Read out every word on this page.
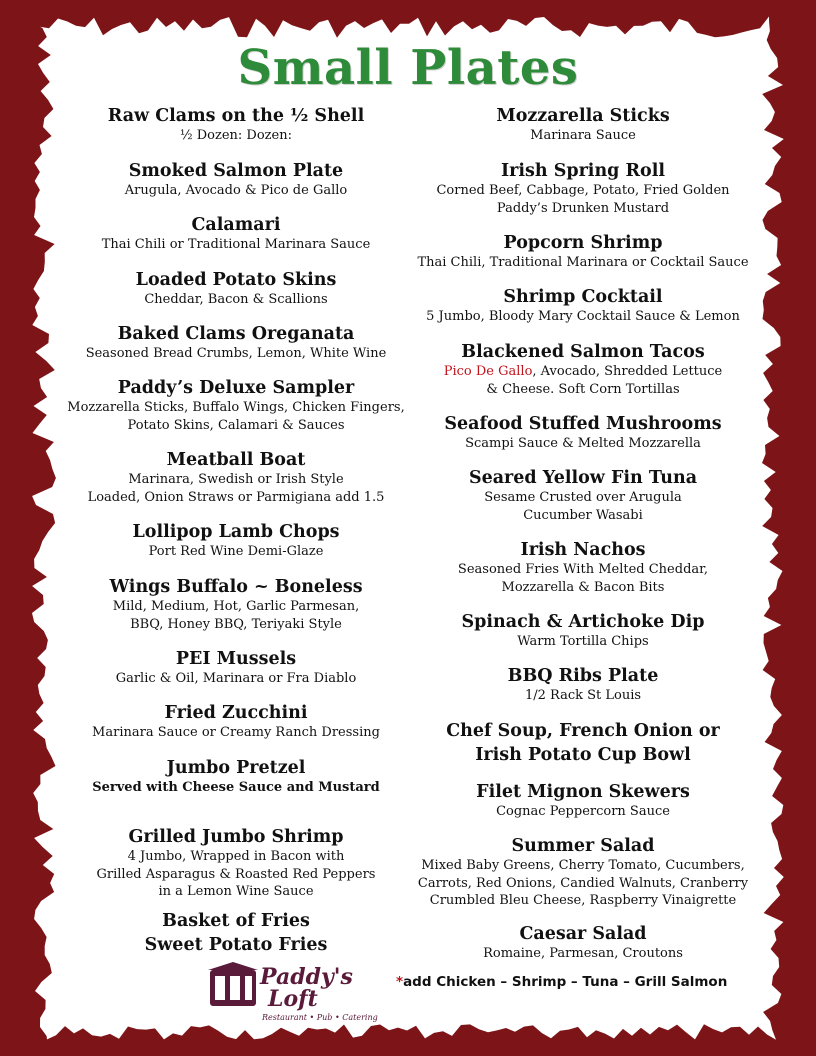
Small Plates
Raw Clams on the ½ Shell
½ Dozen: Dozen:
Smoked Salmon Plate
Arugula, Avocado & Pico de Gallo
Calamari
Thai Chili or Traditional Marinara Sauce
Loaded Potato Skins
Cheddar, Bacon & Scallions
Baked Clams Oreganata
Seasoned Bread Crumbs, Lemon, White Wine
Paddy’s Deluxe Sampler
Mozzarella Sticks, Buffalo Wings, Chicken Fingers,
Potato Skins, Calamari & Sauces
Meatball Boat
Marinara, Swedish or Irish Style
Loaded, Onion Straws or Parmigiana add 1.5
Lollipop Lamb Chops
Port Red Wine Demi-Glaze
Wings Buffalo ~ Boneless
Mild, Medium, Hot, Garlic Parmesan,
BBQ, Honey BBQ, Teriyaki Style
PEI Mussels
Garlic & Oil, Marinara or Fra Diablo
Fried Zucchini
Marinara Sauce or Creamy Ranch Dressing
Jumbo Pretzel
Served with Cheese Sauce and Mustard
Grilled Jumbo Shrimp
4 Jumbo, Wrapped in Bacon with
Grilled Asparagus & Roasted Red Peppers
in a Lemon Wine Sauce
Basket of Fries
Sweet Potato Fries
Mozzarella Sticks
Marinara Sauce
Irish Spring Roll
Corned Beef, Cabbage, Potato, Fried Golden
Paddy’s Drunken Mustard
Popcorn Shrimp
Thai Chili, Traditional Marinara or Cocktail Sauce
Shrimp Cocktail
5 Jumbo, Bloody Mary Cocktail Sauce & Lemon
Blackened Salmon Tacos
Pico De Gallo, Avocado, Shredded Lettuce
& Cheese. Soft Corn Tortillas
Seafood Stuffed Mushrooms
Scampi Sauce & Melted Mozzarella
Seared Yellow Fin Tuna
Sesame Crusted over Arugula
Cucumber Wasabi
Irish Nachos
Seasoned Fries With Melted Cheddar,
Mozzarella & Bacon Bits
Spinach & Artichoke Dip
Warm Tortilla Chips
BBQ Ribs Plate
1/2 Rack St Louis
Chef Soup, French Onion or
Irish Potato Cup Bowl
Filet Mignon Skewers
Cognac Peppercorn Sauce
Summer Salad
Mixed Baby Greens, Cherry Tomato, Cucumbers,
Carrots, Red Onions, Candied Walnuts, Cranberry
Crumbled Bleu Cheese, Raspberry Vinaigrette
Caesar Salad
Romaine, Parmesan, Croutons
Paddy's
Loft
Restaurant • Pub • Catering
*add Chicken – Shrimp – Tuna – Grill Salmon
